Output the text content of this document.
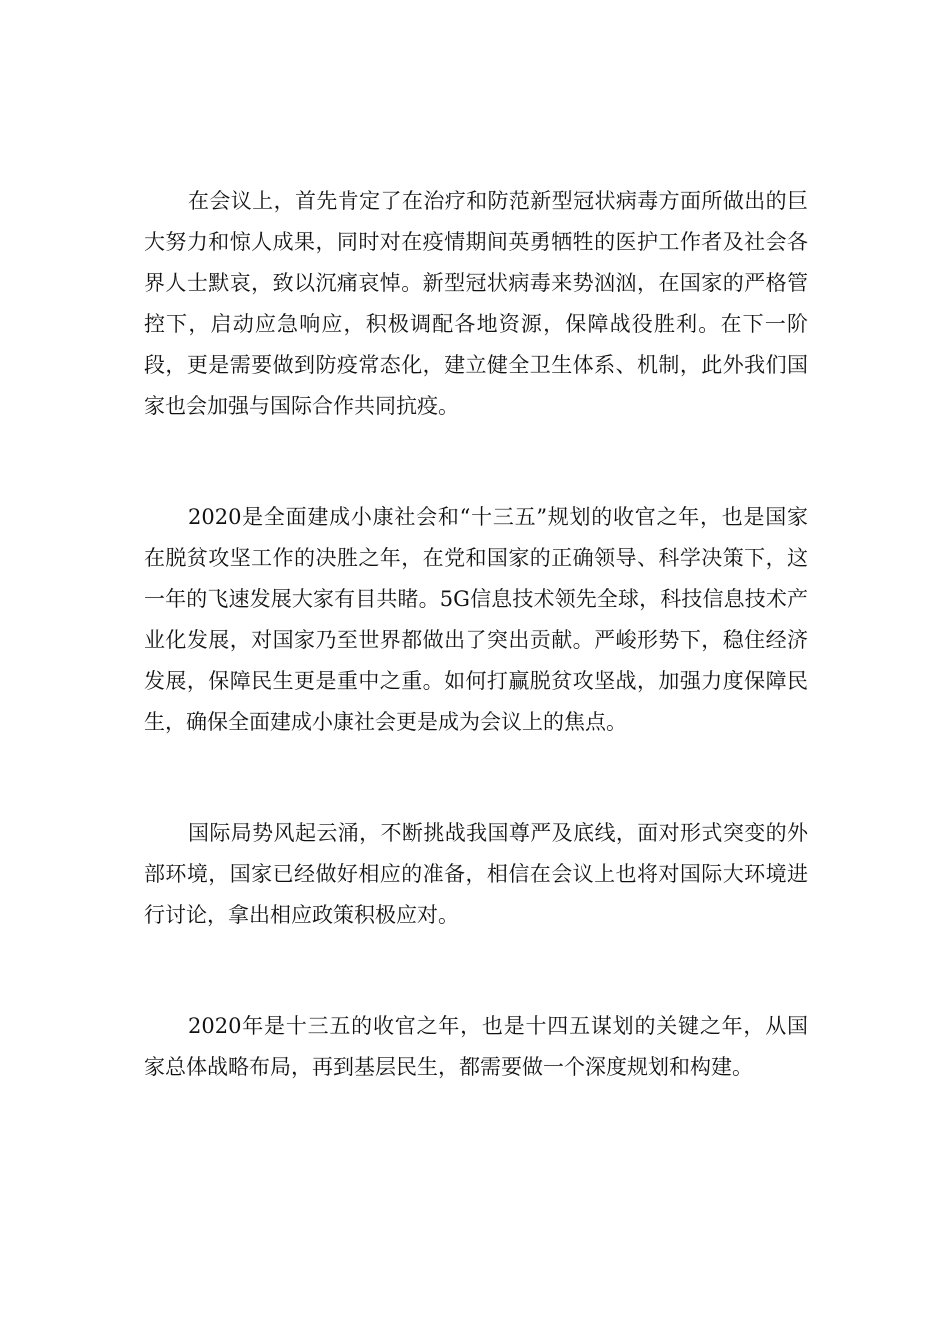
在会议上，首先肯定了在治疗和防范新型冠状病毒方面所做出的巨大努力和惊人成果，同时对在疫情期间英勇牺牲的医护工作者及社会各界人士默哀，致以沉痛哀悼。新型冠状病毒来势汹汹，在国家的严格管控下，启动应急响应，积极调配各地资源，保障战役胜利。在下一阶段，更是需要做到防疫常态化，建立健全卫生体系、机制，此外我们国家也会加强与国际合作共同抗疫。

2020是全面建成小康社会和“十三五”规划的收官之年，也是国家在脱贫攻坚工作的决胜之年，在党和国家的正确领导、科学决策下，这一年的飞速发展大家有目共睹。5G信息技术领先全球，科技信息技术产业化发展，对国家乃至世界都做出了突出贡献。严峻形势下，稳住经济发展，保障民生更是重中之重。如何打赢脱贫攻坚战，加强力度保障民生，确保全面建成小康社会更是成为会议上的焦点。

国际局势风起云涌，不断挑战我国尊严及底线，面对形式突变的外部环境，国家已经做好相应的准备，相信在会议上也将对国际大环境进行讨论，拿出相应政策积极应对。

2020年是十三五的收官之年，也是十四五谋划的关键之年，从国家总体战略布局，再到基层民生，都需要做一个深度规划和构建。
